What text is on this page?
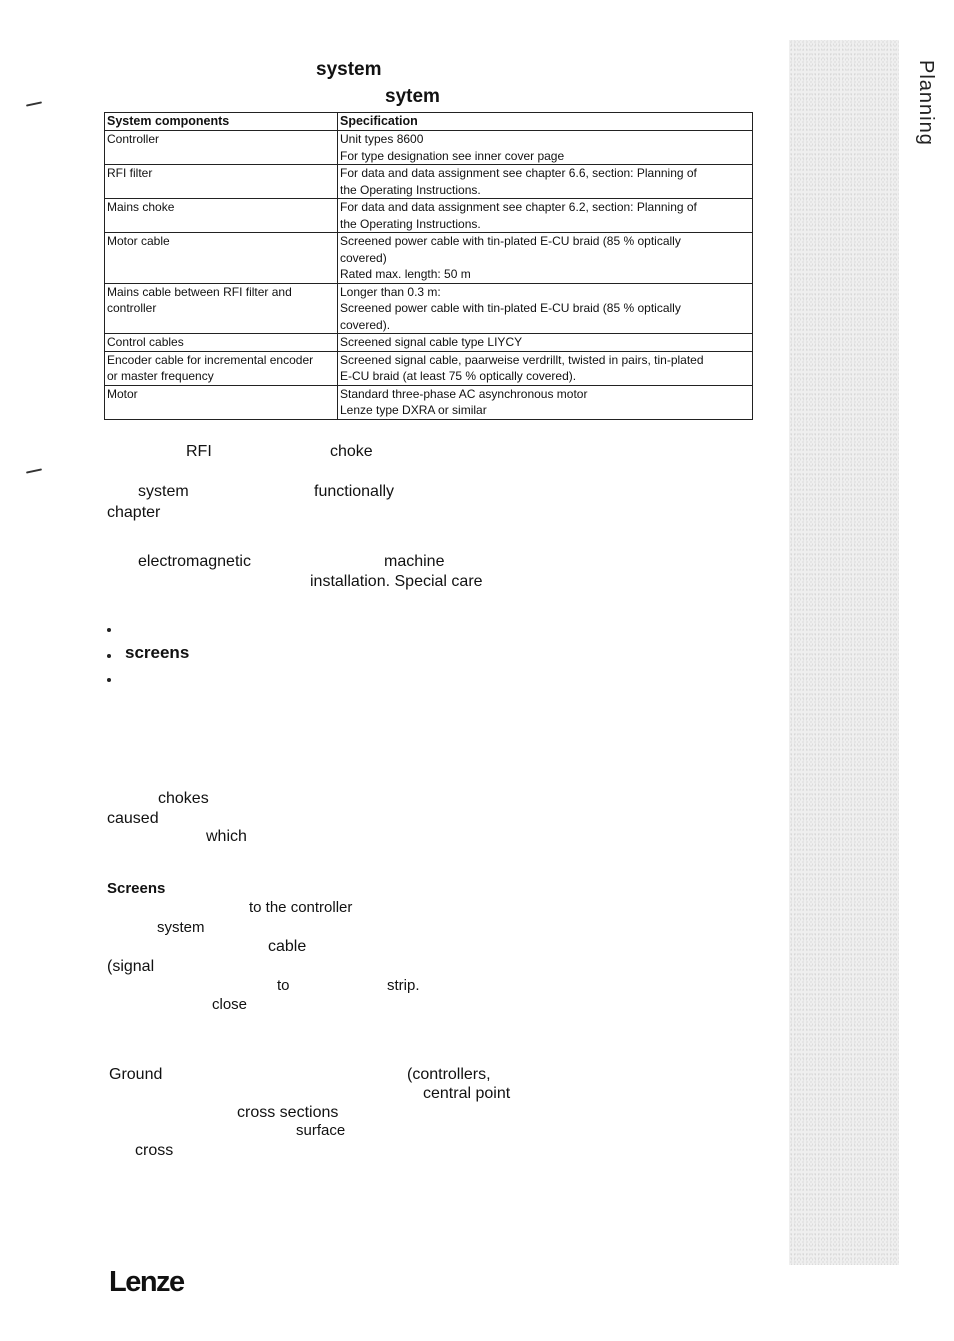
system
sytem
System components	Specification

Controller	Unit types 8600
For type designation see inner cover page

RFI filter	For data and data assignment see chapter 6.6, section: Planning of
the Operating Instructions.

Mains choke	For data and data assignment see chapter 6.2, section: Planning of
the Operating Instructions.

Motor cable	Screened power cable with tin-plated E-CU braid (85 % optically
covered)
Rated max. length: 50 m

Mains cable between RFI filter and
controller	Longer than 0.3 m:
Screened power cable with tin-plated E-CU braid (85 % optically
covered).

Control cables	Screened signal cable type LIYCY

Encoder cable for incremental encoder
or master frequency	Screened signal cable, paarweise verdrillt, twisted in pairs, tin-plated
E-CU braid (at least 75 % optically covered).

Motor	Standard three-phase AC asynchronous motor
Lenze type DXRA or similar
RFI	choke
system	functionally
chapter
electromagnetic	machine
installation. Special care
screens
chokes
caused
which
Screens
to the controller
system
cable
(signal
to	strip.
close
Ground	(controllers,
central point
cross sections
surface
cross
Planning
Lenze
